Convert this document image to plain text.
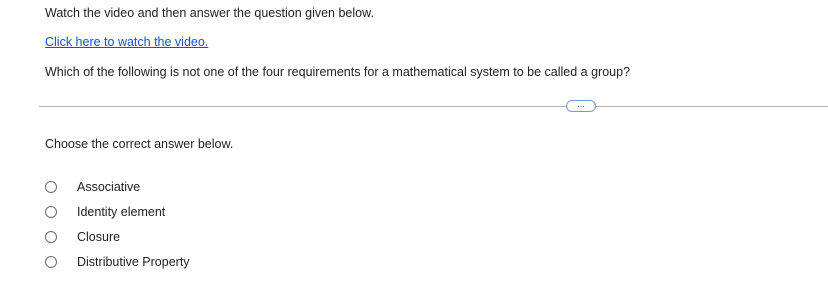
Watch the video and then answer the question given below.

Click here to watch the video.

Which of the following is not one of the four requirements for a mathematical system to be called a group?

...

Choose the correct answer below.

Associative
Identity element
Closure
Distributive Property
